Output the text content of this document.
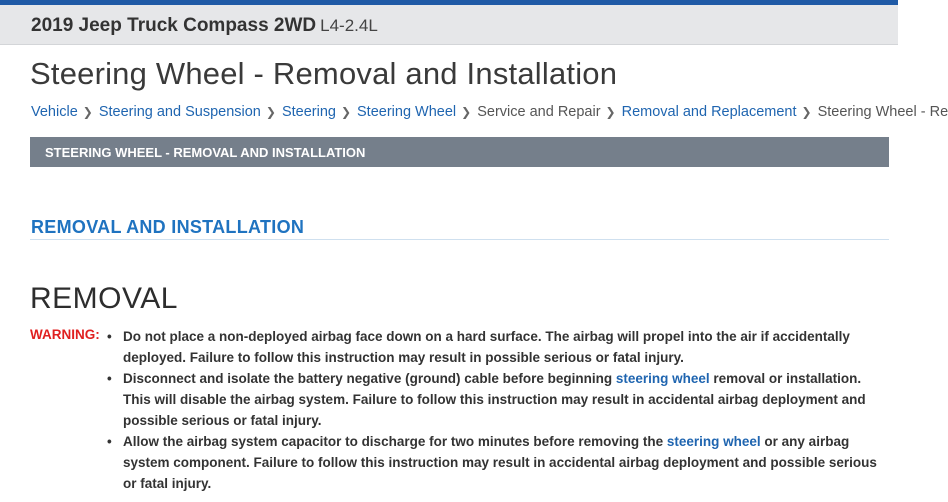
2019 Jeep Truck Compass 2WD L4-2.4L
Steering Wheel - Removal and Installation
Vehicle ❯ Steering and Suspension ❯ Steering ❯ Steering Wheel ❯ Service and Repair ❯ Removal and Replacement ❯ Steering Wheel - Re
STEERING WHEEL - REMOVAL AND INSTALLATION
REMOVAL AND INSTALLATION
REMOVAL
WARNING:
•	Do not place a non-deployed airbag face down on a hard surface. The airbag will propel into the air if accidentally deployed. Failure to follow this instruction may result in possible serious or fatal injury.
• Disconnect and isolate the battery negative (ground) cable before beginning steering wheel removal or installation. This will disable the airbag system. Failure to follow this instruction may result in accidental airbag deployment and possible serious or fatal injury.
• Allow the airbag system capacitor to discharge for two minutes before removing the steering wheel or any airbag system component. Failure to follow this instruction may result in accidental airbag deployment and possible serious or fatal injury.
